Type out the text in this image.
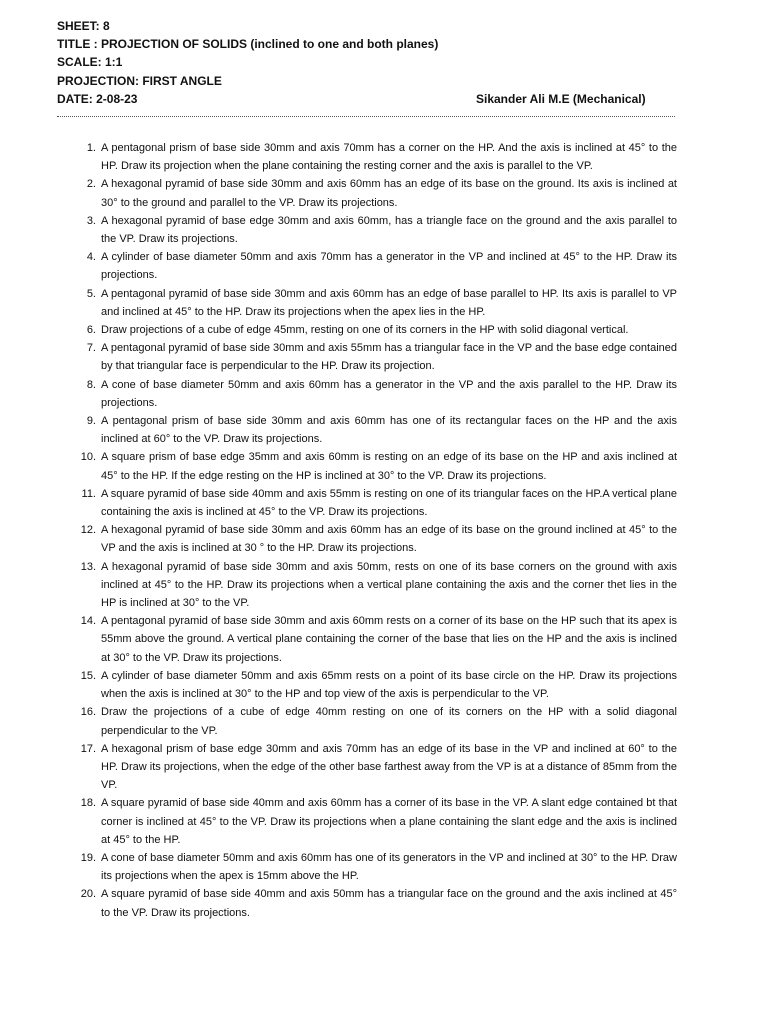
SHEET: 8
TITLE : PROJECTION OF SOLIDS (inclined to one and both planes)
SCALE: 1:1
PROJECTION: FIRST ANGLE
DATE: 2-08-23	Sikander Ali M.E (Mechanical)
1. A pentagonal prism of base side 30mm and axis 70mm has a corner on the HP. And the axis is inclined at 45° to the HP. Draw its projection when the plane containing the resting corner and the axis is parallel to the VP.
2. A hexagonal pyramid of base side 30mm and axis 60mm has an edge of its base on the ground. Its axis is inclined at 30° to the ground and parallel to the VP. Draw its projections.
3. A hexagonal pyramid of base edge 30mm and axis 60mm, has a triangle face on the ground and the axis parallel to the VP. Draw its projections.
4. A cylinder of base diameter 50mm and axis 70mm has a generator in the VP and inclined at 45° to the HP. Draw its projections.
5. A pentagonal pyramid of base side 30mm and axis 60mm has an edge of base parallel to HP. Its axis is parallel to VP and inclined at 45° to the HP. Draw its projections when the apex lies in the HP.
6. Draw projections of a cube of edge 45mm, resting on one of its corners in the HP with solid diagonal vertical.
7. A pentagonal pyramid of base side 30mm and axis 55mm has a triangular face in the VP and the base edge contained by that triangular face is perpendicular to the HP. Draw its projection.
8. A cone of base diameter 50mm and axis 60mm has a generator in the VP and the axis parallel to the HP. Draw its projections.
9. A pentagonal prism of base side 30mm and axis 60mm has one of its rectangular faces on the HP and the axis inclined at 60° to the VP. Draw its projections.
10. A square prism of base edge 35mm and axis 60mm is resting on an edge of its base on the HP and axis inclined at 45° to the HP. If the edge resting on the HP is inclined at 30° to the VP. Draw its projections.
11. A square pyramid of base side 40mm and axis 55mm is resting on one of its triangular faces on the HP.A vertical plane containing the axis is inclined at 45° to the VP. Draw its projections.
12. A hexagonal pyramid of base side 30mm and axis 60mm has an edge of its base on the ground inclined at 45° to the VP and the axis is inclined at 30 ° to the HP. Draw its projections.
13. A hexagonal pyramid of base side 30mm and axis 50mm, rests on one of its base corners on the ground with axis inclined at 45° to the HP. Draw its projections when a vertical plane containing the axis and the corner thet lies in the HP is inclined at 30° to the VP.
14. A pentagonal pyramid of base side 30mm and axis 60mm rests on a corner of its base on the HP such that its apex is 55mm above the ground. A vertical plane containing the corner of the base that lies on the HP and the axis is inclined at 30° to the VP. Draw its projections.
15. A cylinder of base diameter 50mm and axis 65mm rests on a point of its base circle on the HP. Draw its projections when the axis is inclined at 30° to the HP and top view of the axis is perpendicular to the VP.
16. Draw the projections of a cube of edge 40mm resting on one of its corners on the HP with a solid diagonal perpendicular to the VP.
17. A hexagonal prism of base edge 30mm and axis 70mm has an edge of its base in the VP and inclined at 60° to the HP. Draw its projections, when the edge of the other base farthest away from the VP is at a distance of 85mm from the VP.
18. A square pyramid of base side 40mm and axis 60mm has a corner of its base in the VP. A slant edge contained bt that corner is inclined at 45° to the VP. Draw its projections when a plane containing the slant edge and the axis is inclined at 45° to the HP.
19. A cone of base diameter 50mm and axis 60mm has one of its generators in the VP and inclined at 30° to the HP. Draw its projections when the apex is 15mm above the HP.
20. A square pyramid of base side 40mm and axis 50mm has a triangular face on the ground and the axis inclined at 45° to the VP. Draw its projections.
